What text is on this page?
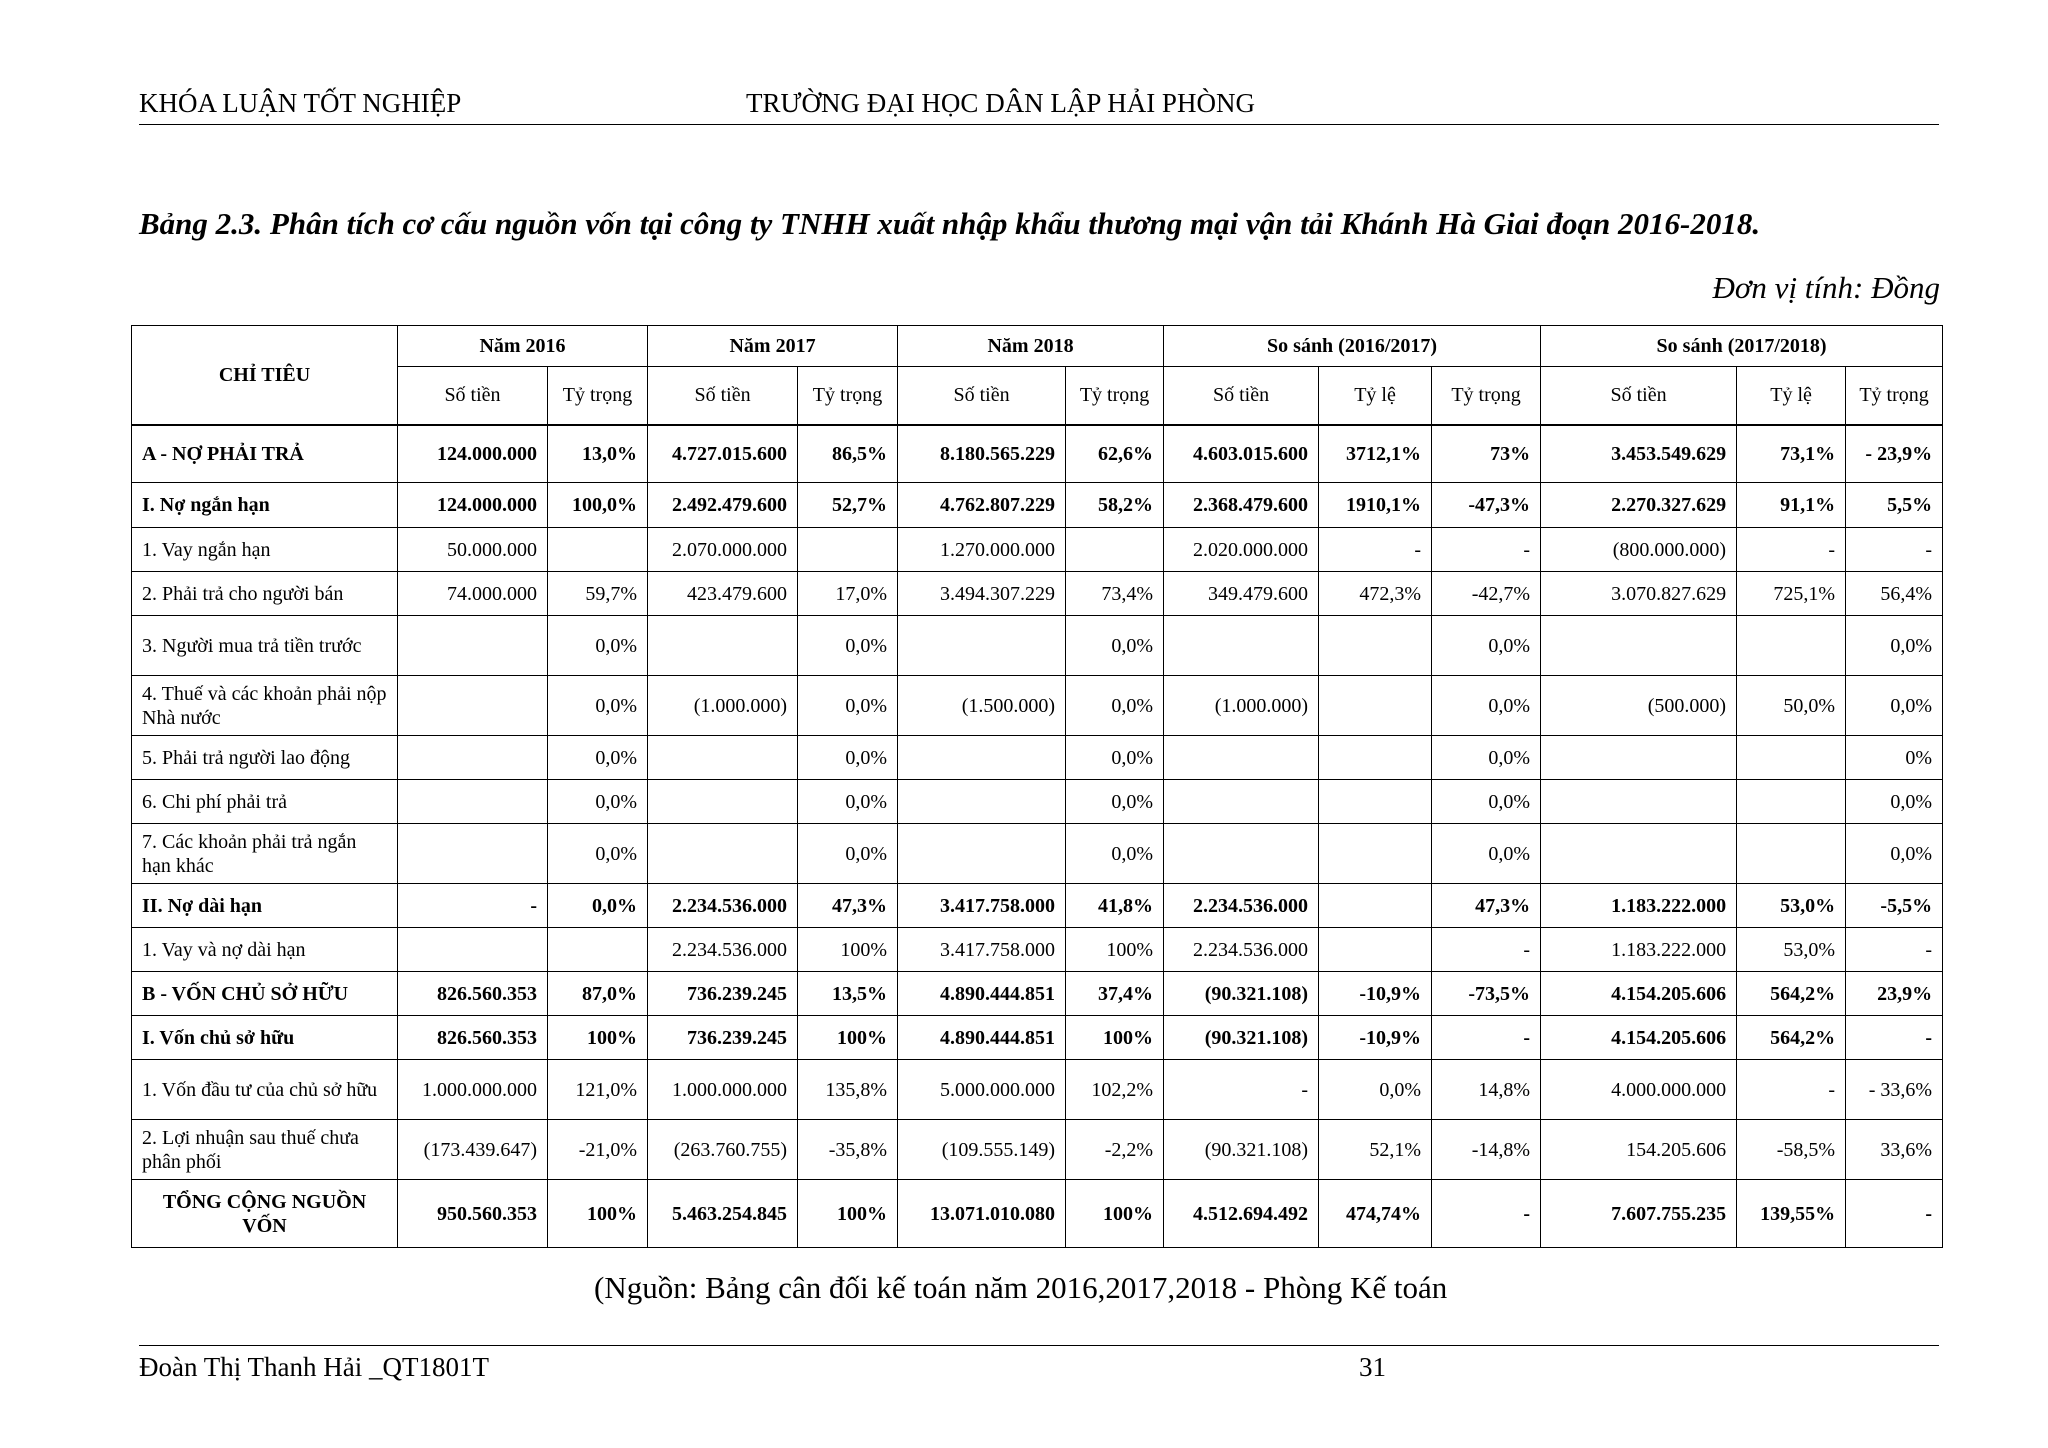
KHÓA LUẬN TỐT NGHIỆP	TRƯỜNG ĐẠI HỌC DÂN LẬP HẢI PHÒNG
Bảng 2.3. Phân tích cơ cấu nguồn vốn tại công ty TNHH xuất nhập khẩu thương mại vận tải Khánh Hà Giai đoạn 2016-2018.
Đơn vị tính: Đồng
CHỈ TIÊU	Năm 2016		Năm 2017		Năm 2018		So sánh (2016/2017)			So sánh (2017/2018)		
	Số tiền	Tỷ trọng	Số tiền	Tỷ trọng	Số tiền	Tỷ trọng	Số tiền	Tỷ lệ	Tỷ trọng	Số tiền	Tỷ lệ	Tỷ trọng
A - NỢ PHẢI TRẢ	124.000.000	13,0%	4.727.015.600	86,5%	8.180.565.229	62,6%	4.603.015.600	3712,1%	73%	3.453.549.629	73,1%	- 23,9%
I. Nợ ngắn hạn	124.000.000	100,0%	2.492.479.600	52,7%	4.762.807.229	58,2%	2.368.479.600	1910,1%	-47,3%	2.270.327.629	91,1%	5,5%
1. Vay ngắn hạn	50.000.000		2.070.000.000		1.270.000.000		2.020.000.000	-	-	(800.000.000)	-	-
2. Phải trả cho người bán	74.000.000	59,7%	423.479.600	17,0%	3.494.307.229	73,4%	349.479.600	472,3%	-42,7%	3.070.827.629	725,1%	56,4%
3. Người mua trả tiền trước		0,0%		0,0%		0,0%			0,0%			0,0%
4. Thuế và các khoản phải nộp Nhà nước		0,0%	(1.000.000)	0,0%	(1.500.000)	0,0%	(1.000.000)		0,0%	(500.000)	50,0%	0,0%
5. Phải trả người lao động		0,0%		0,0%		0,0%			0,0%			0%
6. Chi phí phải trả		0,0%		0,0%		0,0%			0,0%			0,0%
7. Các khoản phải trả ngắn hạn khác		0,0%		0,0%		0,0%			0,0%			0,0%
II. Nợ dài hạn	-	0,0%	2.234.536.000	47,3%	3.417.758.000	41,8%	2.234.536.000		47,3%	1.183.222.000	53,0%	-5,5%
1. Vay và nợ dài hạn			2.234.536.000	100%	3.417.758.000	100%	2.234.536.000		-	1.183.222.000	53,0%	-
B - VỐN CHỦ SỞ HỮU	826.560.353	87,0%	736.239.245	13,5%	4.890.444.851	37,4%	(90.321.108)	-10,9%	-73,5%	4.154.205.606	564,2%	23,9%
I. Vốn chủ sở hữu	826.560.353	100%	736.239.245	100%	4.890.444.851	100%	(90.321.108)	-10,9%	-	4.154.205.606	564,2%	-
1. Vốn đầu tư của chủ sở hữu	1.000.000.000	121,0%	1.000.000.000	135,8%	5.000.000.000	102,2%	-	0,0%	14,8%	4.000.000.000	-	- 33,6%
2. Lợi nhuận sau thuế chưa phân phối	(173.439.647)	-21,0%	(263.760.755)	-35,8%	(109.555.149)	-2,2%	(90.321.108)	52,1%	-14,8%	154.205.606	-58,5%	33,6%
TỔNG CỘNG NGUỒN VỐN	950.560.353	100%	5.463.254.845	100%	13.071.010.080	100%	4.512.694.492	474,74%	-	7.607.755.235	139,55%	-
(Nguồn: Bảng cân đối kế toán năm 2016,2017,2018 - Phòng Kế toán
Đoàn Thị Thanh Hải _QT1801T	31
